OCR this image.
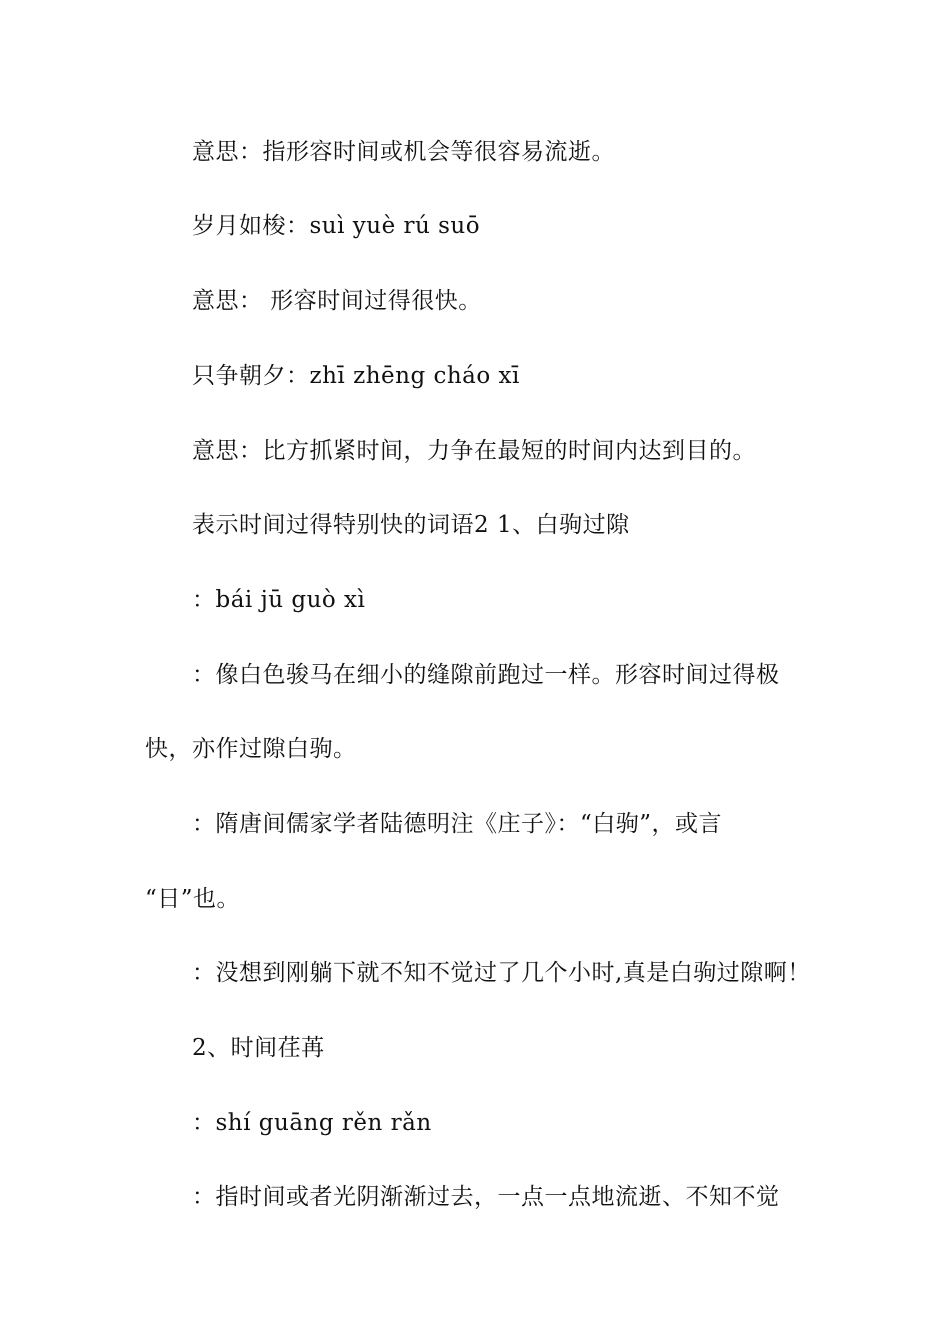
意思：指形容时间或机会等很容易流逝。
岁月如梭：suì yuè rú suō
意思： 形容时间过得很快。
只争朝夕：zhī zhēng cháo xī
意思：比方抓紧时间，力争在最短的时间内达到目的。
表示时间过得特别快的词语2 1、白驹过隙
：bái jū guò xì
：像白色骏马在细小的缝隙前跑过一样。形容时间过得极
快，亦作过隙白驹。
：隋唐间儒家学者陆德明注《庄子》：“白驹”，或言
“日”也。
：没想到刚躺下就不知不觉过了几个小时,真是白驹过隙啊！
2、时间荏苒
：shí guāng rěn rǎn
：指时间或者光阴渐渐过去，一点一点地流逝、不知不觉
